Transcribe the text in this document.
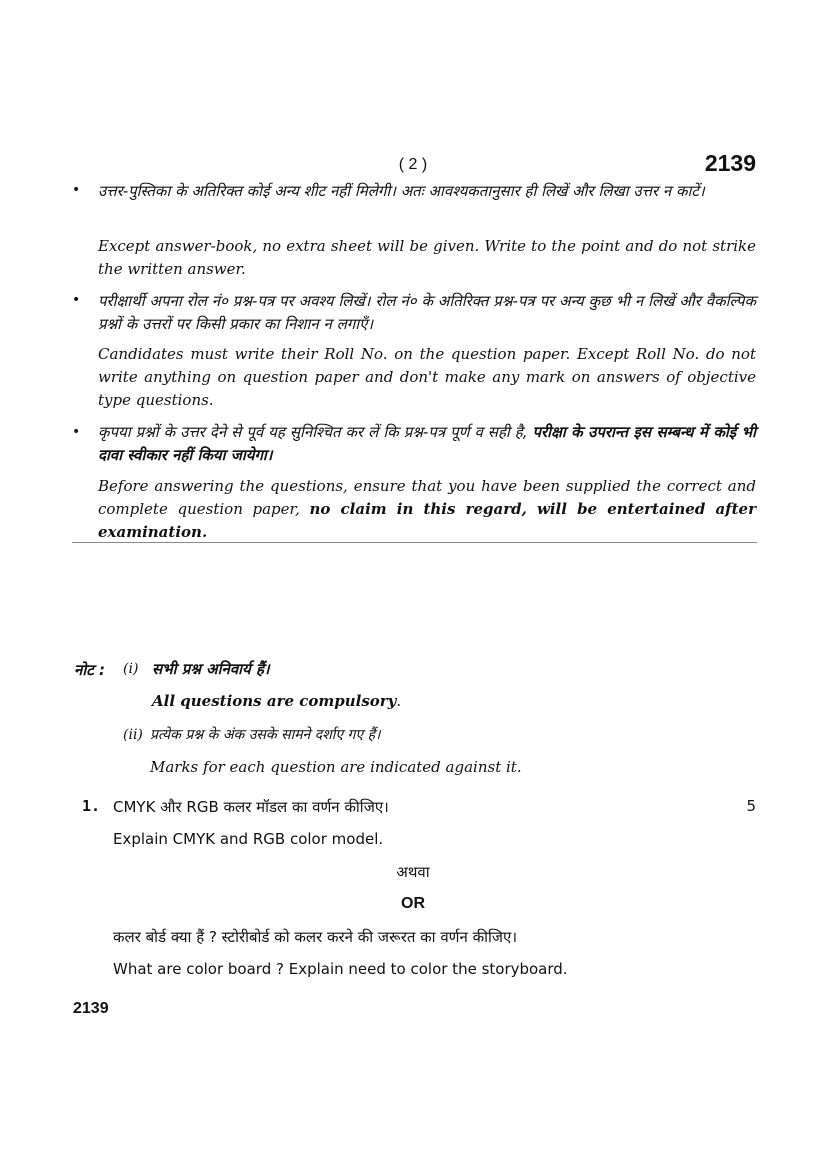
( 2 )	2139
• उत्तर-पुस्तिका के अतिरिक्त कोई अन्य शीट नहीं मिलेगी। अतः आवश्यकतानुसार ही लिखें और लिखा उत्तर न काटें।
Except answer-book, no extra sheet will be given. Write to the point and do not strike the written answer.
• परीक्षार्थी अपना रोल नं० प्रश्न-पत्र पर अवश्य लिखें। रोल नं० के अतिरिक्त प्रश्न-पत्र पर अन्य कुछ भी न लिखें और वैकल्पिक प्रश्नों के उत्तरों पर किसी प्रकार का निशान न लगाएँ।
Candidates must write their Roll No. on the question paper. Except Roll No. do not write anything on question paper and don't make any mark on answers of objective type questions.
• कृपया प्रश्नों के उत्तर देने से पूर्व यह सुनिश्चित कर लें कि प्रश्न-पत्र पूर्ण व सही है, परीक्षा के उपरान्त इस सम्बन्ध में कोई भी दावा स्वीकार नहीं किया जायेगा।
Before answering the questions, ensure that you have been supplied the correct and complete question paper, no claim in this regard, will be entertained after examination.
नोट : (i) सभी प्रश्न अनिवार्य हैं।
All questions are compulsory.
(ii) प्रत्येक प्रश्न के अंक उसके सामने दर्शाए गए हैं।
Marks for each question are indicated against it.
1. CMYK और RGB कलर मॉडल का वर्णन कीजिए।	5
Explain CMYK and RGB color model.
अथवा
OR
कलर बोर्ड क्या हैं ? स्टोरीबोर्ड को कलर करने की जरूरत का वर्णन कीजिए।
What are color board ? Explain need to color the storyboard.
2139
